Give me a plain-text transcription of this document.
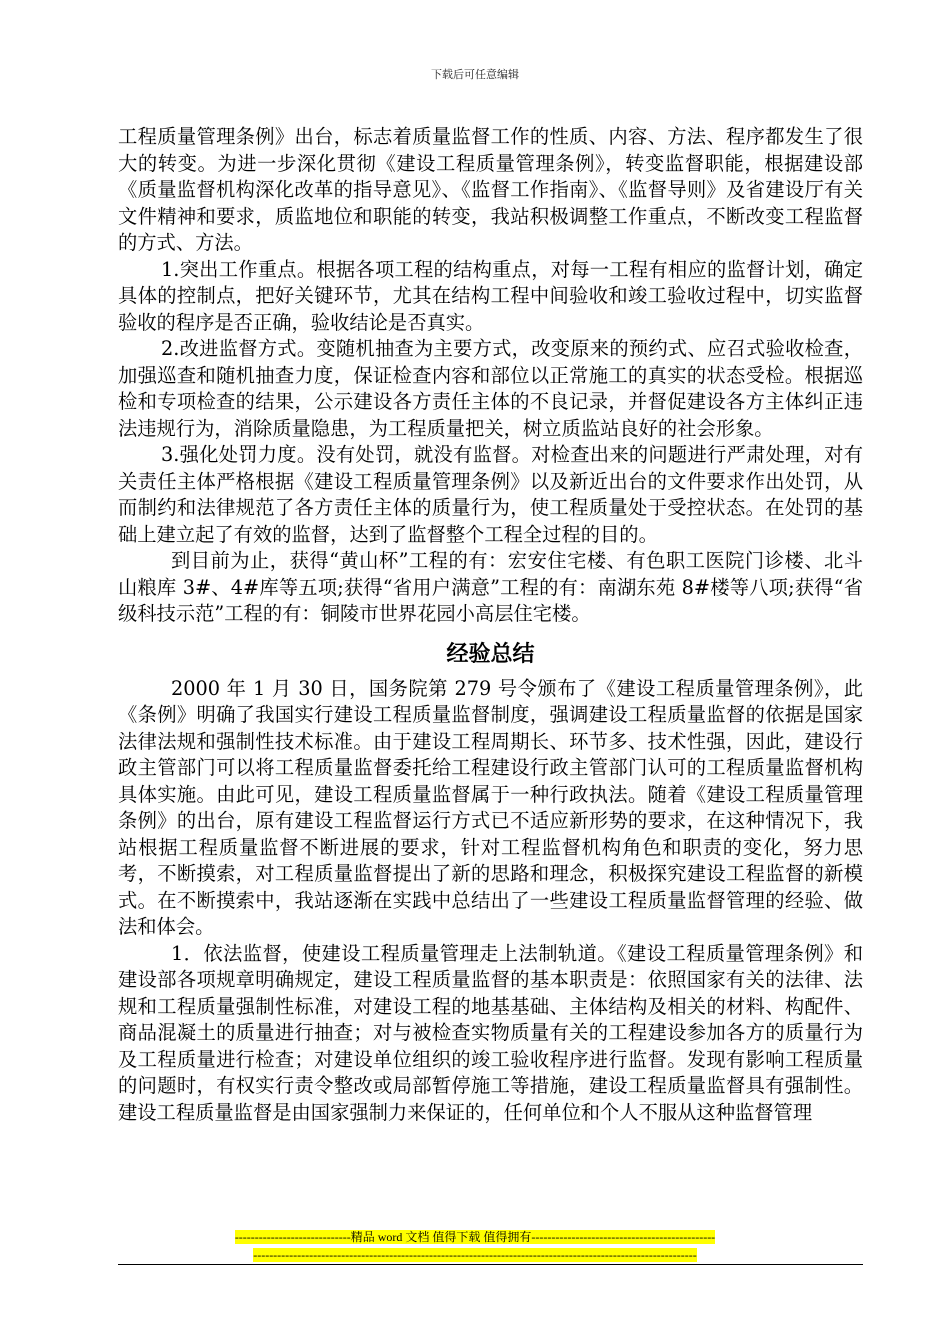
下载后可任意编辑

工程质量管理条例》出台，标志着质量监督工作的性质、内容、方法、程序都发生了很大的转变。为进一步深化贯彻《建设工程质量管理条例》，转变监督职能，根据建设部《质量监督机构深化改革的指导意见》、《监督工作指南》、《监督导则》及省建设厅有关文件精神和要求，质监地位和职能的转变，我站积极调整工作重点，不断改变工程监督的方式、方法。

1.突出工作重点。根据各项工程的结构重点，对每一工程有相应的监督计划，确定具体的控制点，把好关键环节，尤其在结构工程中间验收和竣工验收过程中，切实监督验收的程序是否正确，验收结论是否真实。

2.改进监督方式。变随机抽查为主要方式，改变原来的预约式、应召式验收检查，加强巡查和随机抽查力度，保证检查内容和部位以正常施工的真实的状态受检。根据巡检和专项检查的结果，公示建设各方责任主体的不良记录，并督促建设各方主体纠正违法违规行为，消除质量隐患，为工程质量把关，树立质监站良好的社会形象。

3.强化处罚力度。没有处罚，就没有监督。对检查出来的问题进行严肃处理，对有关责任主体严格根据《建设工程质量管理条例》以及新近出台的文件要求作出处罚，从而制约和法律规范了各方责任主体的质量行为，使工程质量处于受控状态。在处罚的基础上建立起了有效的监督，达到了监督整个工程全过程的目的。

到目前为止，获得“黄山杯”工程的有：宏安住宅楼、有色职工医院门诊楼、北斗山粮库 3#、4#库等五项;获得“省用户满意”工程的有：南湖东苑 8#楼等八项;获得“省级科技示范”工程的有：铜陵市世界花园小高层住宅楼。

经验总结

2000 年 1 月 30 日，国务院第 279 号令颁布了《建设工程质量管理条例》，此《条例》明确了我国实行建设工程质量监督制度，强调建设工程质量监督的依据是国家法律法规和强制性技术标准。由于建设工程周期长、环节多、技术性强，因此，建设行政主管部门可以将工程质量监督委托给工程建设行政主管部门认可的工程质量监督机构具体实施。由此可见，建设工程质量监督属于一种行政执法。随着《建设工程质量管理条例》的出台，原有建设工程监督运行方式已不适应新形势的要求，在这种情况下，我站根据工程质量监督不断进展的要求，针对工程监督机构角色和职责的变化，努力思考，不断摸索，对工程质量监督提出了新的思路和理念，积极探究建设工程监督的新模式。在不断摸索中，我站逐渐在实践中总结出了一些建设工程质量监督管理的经验、做法和体会。

1．依法监督，使建设工程质量管理走上法制轨道。《建设工程质量管理条例》和建设部各项规章明确规定，建设工程质量监督的基本职责是：依照国家有关的法律、法规和工程质量强制性标准，对建设工程的地基基础、主体结构及相关的材料、构配件、商品混凝土的质量进行抽查；对与被检查实物质量有关的工程建设参加各方的质量行为及工程质量进行检查；对建设单位组织的竣工验收程序进行监督。发现有影响工程质量的问题时，有权实行责令整改或局部暂停施工等措施，建设工程质量监督具有强制性。建设工程质量监督是由国家强制力来保证的，任何单位和个人不服从这种监督管理

-----------------------------精品 word 文档 值得下载 值得拥有----------------------------------------------
---------------------------------------------------------------------------------------------------------------
